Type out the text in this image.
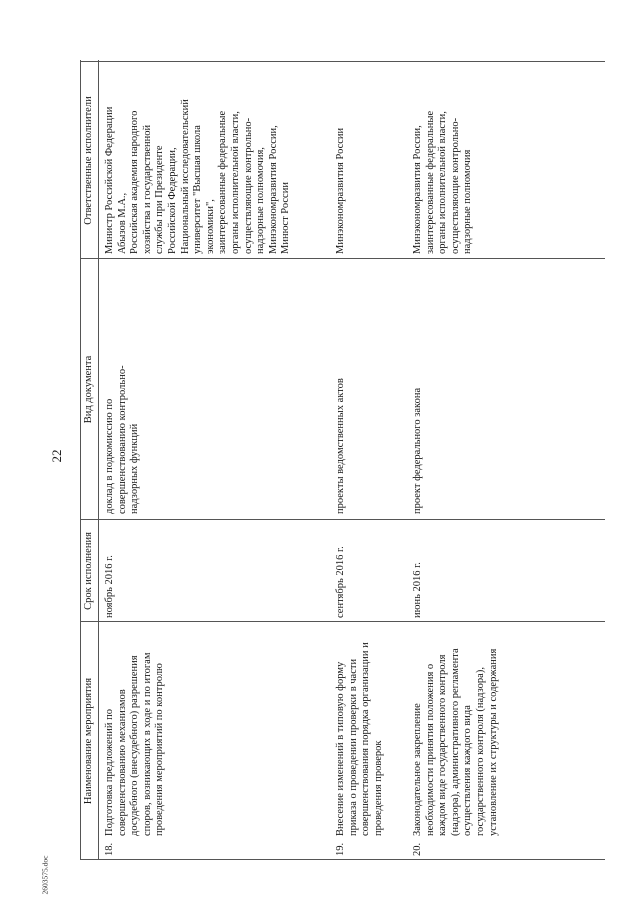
22
2603575.doc
Наименование мероприятия
Срок исполнения
Вид документа
Ответственные исполнители
18.
Подготовка предложений по совершенствованию механизмов досудебного (внесудебного) разрешения споров, возникающих в ходе и по итогам проведения мероприятий по контролю
ноябрь 2016 г.
доклад в подкомиссию по совершенствованию контрольно- надзорных функций
Министр Российской Федерации Абызов М.А., Российская академия народного хозяйства и государственной службы при Президенте Российской Федерации, Национальный исследовательский университет "Высшая школа экономики", заинтересованные федеральные органы исполнительной власти, осуществляющие контрольно- надзорные полномочия, Минэкономразвития России, Минюст России
19.
Внесение изменений в типовую форму приказа о проведении проверки в части совершенствования порядка организации и проведения проверок
сентябрь 2016 г.
проекты ведомственных актов
Минэкономразвития России
20.
Законодательное закрепление необходимости принятия положения о каждом виде государственного контроля (надзора), административного регламента осуществления каждого вида государственного контроля (надзора), установление их структуры и содержания
июнь 2016 г.
проект федерального закона
Минэкономразвития России, заинтересованные федеральные органы исполнительной власти, осуществляющие контрольно- надзорные полномочия
